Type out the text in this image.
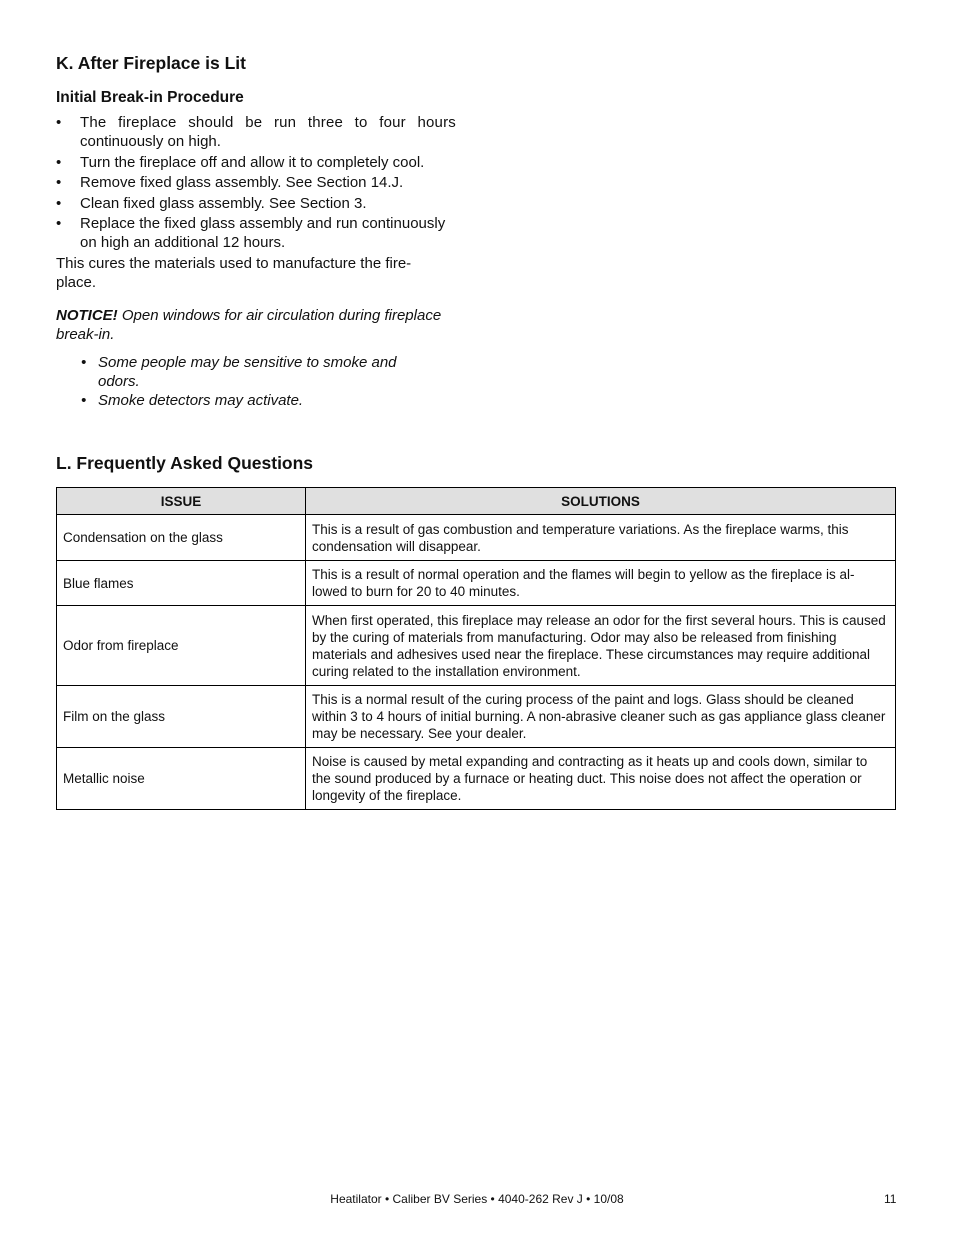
K. After Fireplace is Lit
Initial Break-in Procedure
• The fireplace should be run three to four hours
continuously on high.
• Turn the fireplace off and allow it to completely cool.
• Remove fixed glass assembly. See Section 14.J.
• Clean fixed glass assembly. See Section 3.
• Replace the fixed glass assembly and run continuously on high an additional 12 hours.
This cures the materials used to manufacture the fire-place.
NOTICE! Open windows for air circulation during fireplace break-in.
• Some people may be sensitive to smoke and odors.
• Smoke detectors may activate.
L. Frequently Asked Questions
ISSUE	SOLUTIONS
Condensation on the glass	This is a result of gas combustion and temperature variations. As the fireplace warms, this condensation will disappear.
Blue flames	This is a result of normal operation and the flames will begin to yellow as the fireplace is al-lowed to burn for 20 to 40 minutes.
Odor from fireplace	When first operated, this fireplace may release an odor for the first several hours. This is caused by the curing of materials from manufacturing. Odor may also be released from finishing materials and adhesives used near the fireplace. These circumstances may require additional curing related to the installation environment.
Film on the glass	This is a normal result of the curing process of the paint and logs. Glass should be cleaned within 3 to 4 hours of initial burning. A non-abrasive cleaner such as gas appliance glass cleaner may be necessary. See your dealer.
Metallic noise	Noise is caused by metal expanding and contracting as it heats up and cools down, similar to the sound produced by a furnace or heating duct. This noise does not affect the operation or longevity of the fireplace.
Heatilator • Caliber BV Series • 4040-262 Rev J • 10/08	11
